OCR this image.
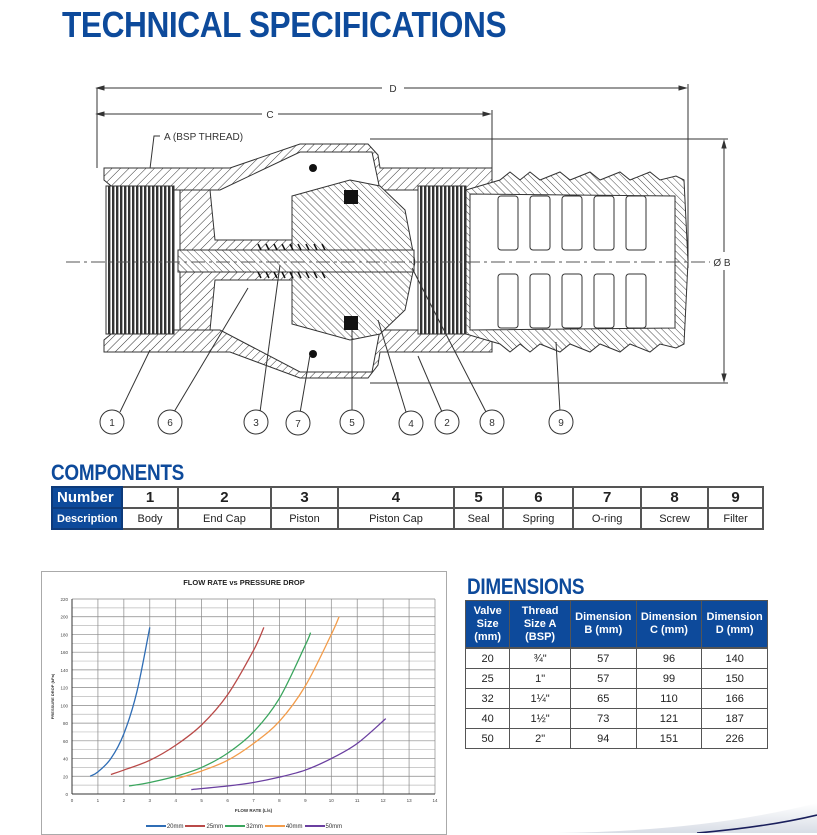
TECHNICAL SPECIFICATIONS
1	6	3	7	5	4	2	8	9
D
C
Ø B
A (BSP THREAD)
COMPONENTS
Number	1	2	3	4	5	6	7	8	9
Description	Body	End Cap	Piston	Piston Cap	Seal	Spring	O-ring	Screw	Filter
FLOW RATE vs PRESSURE DROP
0
20
40
60
80
100
120
140
160
180
200
220
0	1	2	3	4	5	6	7	8	9	10	11	12	13	14
FLOW RATE (L/s)
PRESSURE DROP (kPa)
20mm	25mm	32mm	40mm	50mm
DIMENSIONS
Valve Size (mm)	Thread Size A (BSP)	Dimension B (mm)	Dimension C (mm)	Dimension D (mm)
20	¾"	57	96	140
25	1"	57	99	150
32	1¼"	65	110	166
40	1½"	73	121	187
50	2"	94	151	226
